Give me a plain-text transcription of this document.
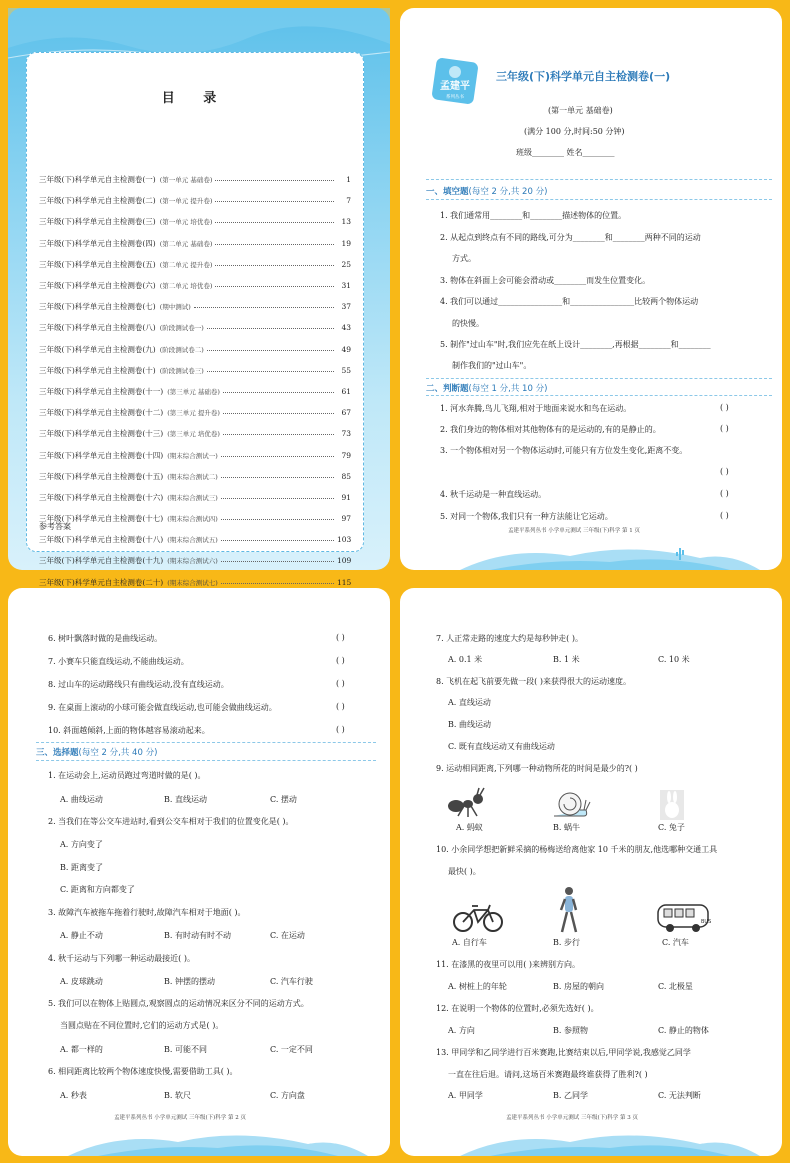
目 录
三年级(下)科学单元自主检测卷(一) (第一单元 基础卷)	1
三年级(下)科学单元自主检测卷(二) (第一单元 提升卷)	7
三年级(下)科学单元自主检测卷(三) (第一单元 培优卷)	13
三年级(下)科学单元自主检测卷(四) (第二单元 基础卷)	19
三年级(下)科学单元自主检测卷(五) (第二单元 提升卷)	25
三年级(下)科学单元自主检测卷(六) (第二单元 培优卷)	31
三年级(下)科学单元自主检测卷(七) (期中测试)	37
三年级(下)科学单元自主检测卷(八) (阶段测试卷一)	43
三年级(下)科学单元自主检测卷(九) (阶段测试卷二)	49
三年级(下)科学单元自主检测卷(十) (阶段测试卷三)	55
三年级(下)科学单元自主检测卷(十一) (第三单元 基础卷)	61
三年级(下)科学单元自主检测卷(十二) (第三单元 提升卷)	67
三年级(下)科学单元自主检测卷(十三) (第三单元 培优卷)	73
三年级(下)科学单元自主检测卷(十四) (期末综合测试一)	79
三年级(下)科学单元自主检测卷(十五) (期末综合测试二)	85
三年级(下)科学单元自主检测卷(十六) (期末综合测试三)	91
三年级(下)科学单元自主检测卷(十七) (期末综合测试四)	97
三年级(下)科学单元自主检测卷(十八) (期末综合测试五)	103
三年级(下)科学单元自主检测卷(十九) (期末综合测试六)	109
三年级(下)科学单元自主检测卷(二十) (期末综合测试七)	115
参考答案
孟建平
系列丛书
三年级(下)科学单元自主检测卷(一)
(第一单元 基础卷)
(满分 100 分,时间:50 分钟)
班级________ 姓名________
一、填空题(每空 2 分,共 20 分)
1. 我们通常用________和________描述物体的位置。
2. 从起点到终点有不同的路线,可分为________和________两种不同的运动
方式。
3. 物体在斜面上会可能会滑动或________而发生位置变化。
4. 我们可以通过________________和________________比较两个物体运动
的快慢。
5. 制作"过山车"时,我们应先在纸上设计________,再根据________和________
制作我们的"过山车"。
二、判断题(每空 1 分,共 10 分)
1. 河水奔腾,鸟儿飞翔,相对于地面来说水和鸟在运动。	( )
2. 我们身边的物体相对其他物体有的是运动的,有的是静止的。	( )
3. 一个物体相对另一个物体运动时,可能只有方位发生变化,距离不变。
( )
4. 秋千运动是一种直线运动。	( )
5. 对同一个物体,我们只有一种方法能让它运动。	( )
孟建平系列丛书 小学单元测试 三年级(下)科学 第 1 页
6. 树叶飘落时做的是曲线运动。	( )
7. 小赛车只能直线运动,不能曲线运动。	( )
8. 过山车的运动路线只有曲线运动,没有直线运动。	( )
9. 在桌面上滚动的小球可能会做直线运动,也可能会做曲线运动。	( )
10. 斜面越倾斜,上面的物体越容易滚动起来。	( )
三、选择题(每空 2 分,共 40 分)
1. 在运动会上,运动员跑过弯道时做的是( )。
A. 曲线运动	B. 直线运动	C. 摆动
2. 当我们在等公交车进站时,看到公交车相对于我们的位置变化是( )。
A. 方向变了
B. 距离变了
C. 距离和方向都变了
3. 故障汽车被拖车拖着行驶时,故障汽车相对于地面( )。
A. 静止不动	B. 有时动有时不动	C. 在运动
4. 秋千运动与下列哪一种运动最接近( )。
A. 皮球跳动	B. 钟摆的摆动	C. 汽车行驶
5. 我们可以在物体上贴圆点,观察圆点的运动情况来区分不同的运动方式。
当圆点贴在不同位置时,它们的运动方式是( )。
A. 都一样的	B. 可能不同	C. 一定不同
6. 相同距离比较两个物体速度快慢,需要借助工具( )。
A. 秒表	B. 软尺	C. 方向盘
孟建平系列丛书 小学单元测试 三年级(下)科学 第 2 页
7. 人正常走路的速度大约是每秒钟走( )。
A. 0.1 米	B. 1 米	C. 10 米
8. 飞机在起飞前要先做一段( )来获得很大的运动速度。
A. 直线运动
B. 曲线运动
C. 既有直线运动又有曲线运动
9. 运动相同距离,下列哪一种动物所花的时间是最少的?( )
A. 蚂蚁	B. 蜗牛	C. 兔子
10. 小余同学想把新鲜采摘的杨梅送给离他家 10 千米的朋友,他选哪种交通工具
最快( )。
BUS
A. 自行车	B. 步行	C. 汽车
11. 在漆黑的夜里可以用( )来辨别方向。
A. 树桩上的年轮	B. 房屋的朝向	C. 北极星
12. 在说明一个物体的位置时,必须先选好( )。
A. 方向	B. 参照物	C. 静止的物体
13. 甲同学和乙同学进行百米赛跑,比赛结束以后,甲同学说,我感觉乙同学
一直在往后退。请问,这场百米赛跑最终谁获得了胜利?( )
A. 甲同学	B. 乙同学	C. 无法判断
孟建平系列丛书 小学单元测试 三年级(下)科学 第 3 页
